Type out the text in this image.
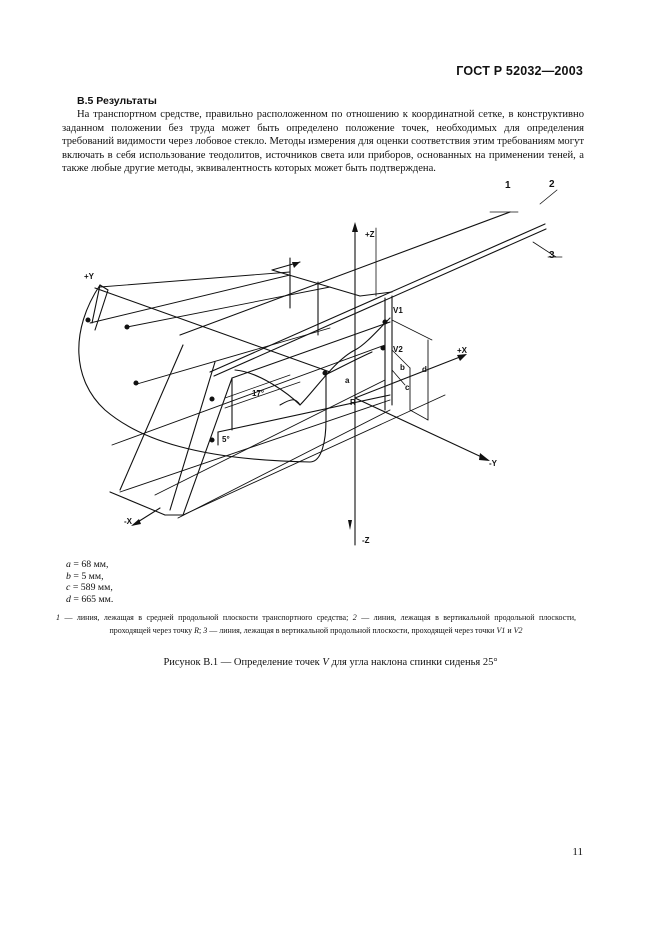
ГОСТ Р 52032—2003
В.5 Результаты

На транспортном средстве, правильно расположенном по отношению к координатной сетке, в конструктивно заданном положении без труда может быть определено положение точек, необходимых для определения требований видимости через лобовое стекло. Методы измерения для оценки соответствия этим требованиям могут включать в себя использование теодолитов, источников света или приборов, основанных на применении теней, а также любые другие методы, эквивалентность которых может быть подтверждена.

1	2
3
+Z
-Z
+X
-X
+Y
-Y
V1
V2
R
a
b
c
d
17°
5°
a = 68 мм,
b = 5 мм,
c = 589 мм,
d = 665 мм.

1 — линия, лежащая в средней продольной плоскости транспортного средства; 2 — линия, лежащая в вертикальной продольной плоскости, проходящей через точку R; 3 — линия, лежащая в вертикальной продольной плоскости, проходящей через точки V1 и V2

Рисунок В.1 — Определение точек V для угла наклона спинки сиденья 25°
11
